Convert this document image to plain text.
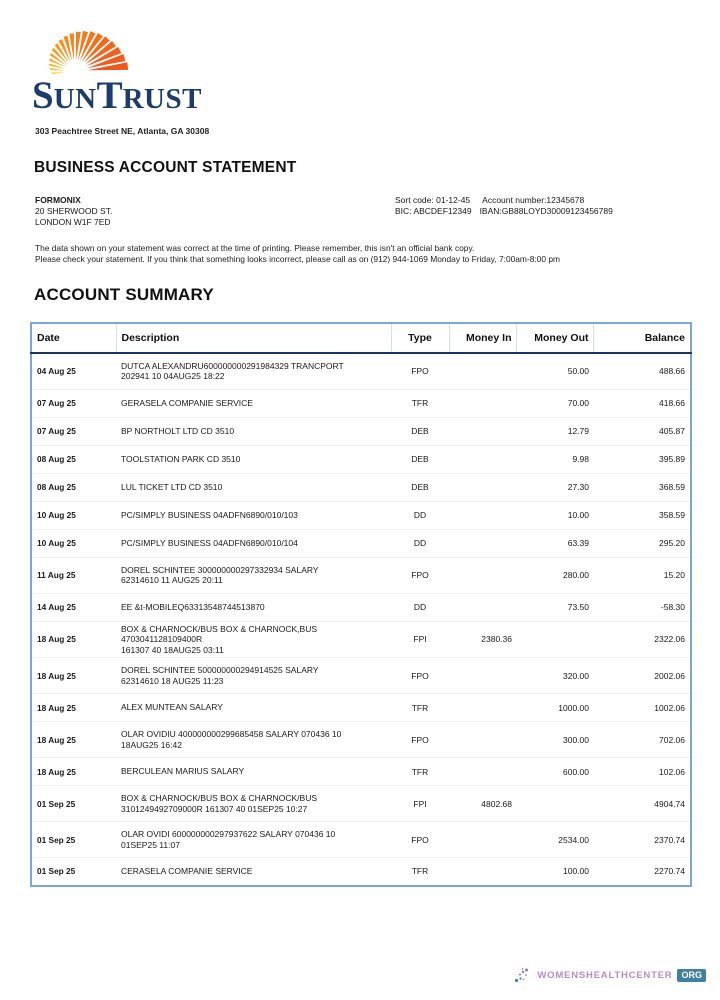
SUNTRUST
303 Peachtree Street NE, Atlanta, GA 30308
BUSINESS ACCOUNT STATEMENT
FORMONIX
20 SHERWOOD ST.
LONDON W1F 7ED
Sort code: 01-12-45 Account number:12345678
BIC: ABCDEF12349 IBAN:GB88LOYD30009123456789
The data shown on your statement was correct at the time of printing. Please remember, this isn't an official bank copy.
Please check your statement. If you think that something looks incorrect, please call as on (912) 944-1069 Monday to Friday, 7:00am-8:00 pm
ACCOUNT SUMMARY
Date	Description	Type	Money In	Money Out	Balance
04 Aug 25	DUTCA ALEXANDRU600000000291984329 TRANCPORT
202941 10 04AUG25 18:22	FPO		50.00	488.66
07 Aug 25	GERASELA COMPANIE SERVICE	TFR		70.00	418.66
07 Aug 25	BP NORTHOLT LTD CD 3510	DEB		12.79	405.87
08 Aug 25	TOOLSTATION PARK CD 3510	DEB		9.98	395.89
08 Aug 25	LUL TICKET LTD CD 3510	DEB		27.30	368.59
10 Aug 25	PC/SIMPLY BUSINESS 04ADFN6890/010/103	DD		10.00	358.59
10 Aug 25	PC/SIMPLY BUSINESS 04ADFN6890/010/104	DD		63.39	295.20
11 Aug 25	DOREL SCHINTEE 300000000297332934 SALARY
62314610 11 AUG25 20:11	FPO		280.00	15.20
14 Aug 25	EE &t-MOBILEQ63313548744513870	DD		73.50	-58.30
18 Aug 25	BOX & CHARNOCK/BUS BOX & CHARNOCK,BUS 4703041128109400R
161307 40 18AUG25 03:11	FPI	2380.36		2322.06
18 Aug 25	DOREL SCHINTEE 500000000294914525 SALARY
62314610 18 AUG25 11:23	FPO		320.00	2002.06
18 Aug 25	ALEX MUNTEAN SALARY	TFR		1000.00	1002.06
18 Aug 25	OLAR OVIDIU 400000000299685458 SALARY 070436 10
18AUG25 16:42	FPO		300.00	702.06
18 Aug 25	BERCULEAN MARIUS SALARY	TFR		600.00	102.06
01 Sep 25	BOX & CHARNOCK/BUS BOX & CHARNOCK/BUS
3101249492709000R 161307 40 01SEP25 10:27	FPI	4802.68		4904.74
01 Sep 25	OLAR OVIDI 600000000297937622 SALARY 070436 10
01SEP25 11:07	FPO		2534.00	2370.74
01 Sep 25	CERASELA COMPANIE SERVICE	TFR		100.00	2270.74
WOMENSHEALTHCENTER	ORG
